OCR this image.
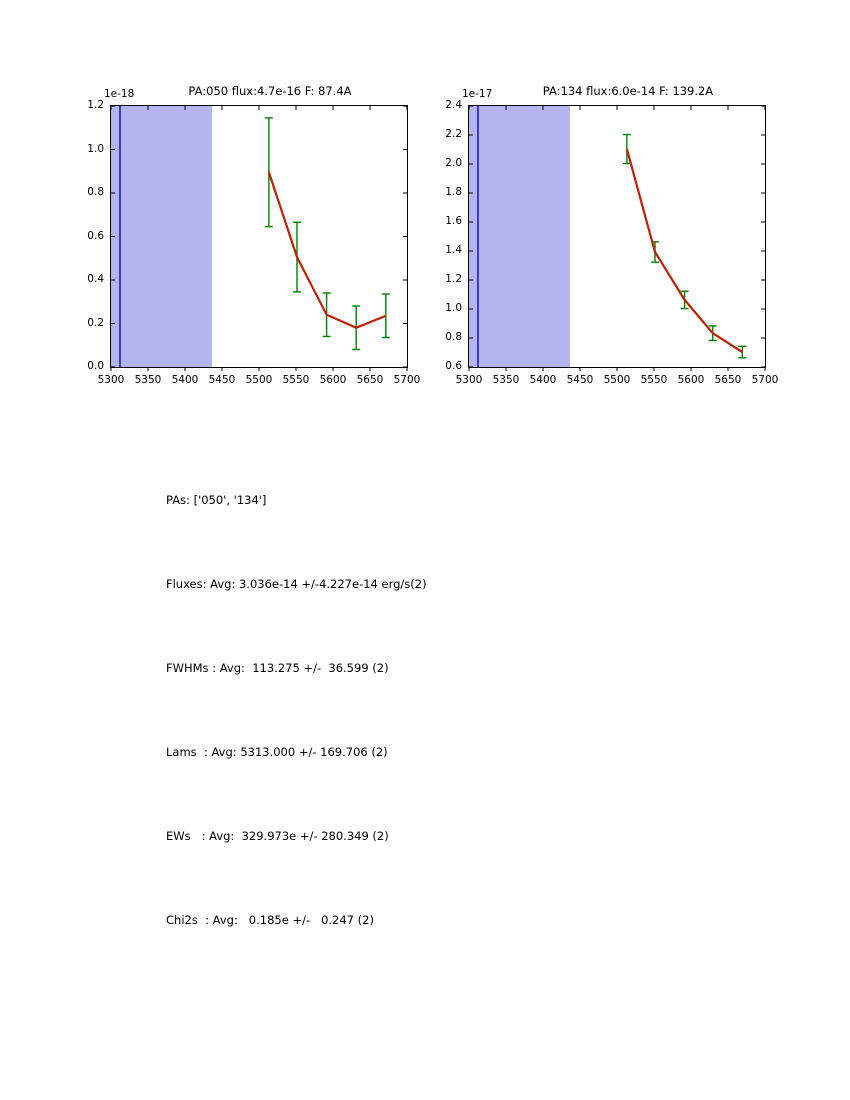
PA:050 flux:4.7e-16 F: 87.4A

1e-18
5300 5350 5400 5450 5500 5550 5600 5650 5700
0.0
0.2
0.4
0.6
0.8
1.0
1.2

PA:134 flux:6.0e-14 F: 139.2A

1e-17
5300 5350 5400 5450 5500 5550 5600 5650 5700
0.6
0.8
1.0
1.2
1.4
1.6
1.8
2.0
2.2
2.4

PAs: ['050', '134']

Fluxes: Avg: 3.036e-14 +/-4.227e-14 erg/s(2)

FWHMs : Avg:  113.275 +/-  36.599 (2)

Lams  : Avg: 5313.000 +/- 169.706 (2)

EWs   : Avg:  329.973e +/- 280.349 (2)

Chi2s  : Avg:   0.185e +/-   0.247 (2)
